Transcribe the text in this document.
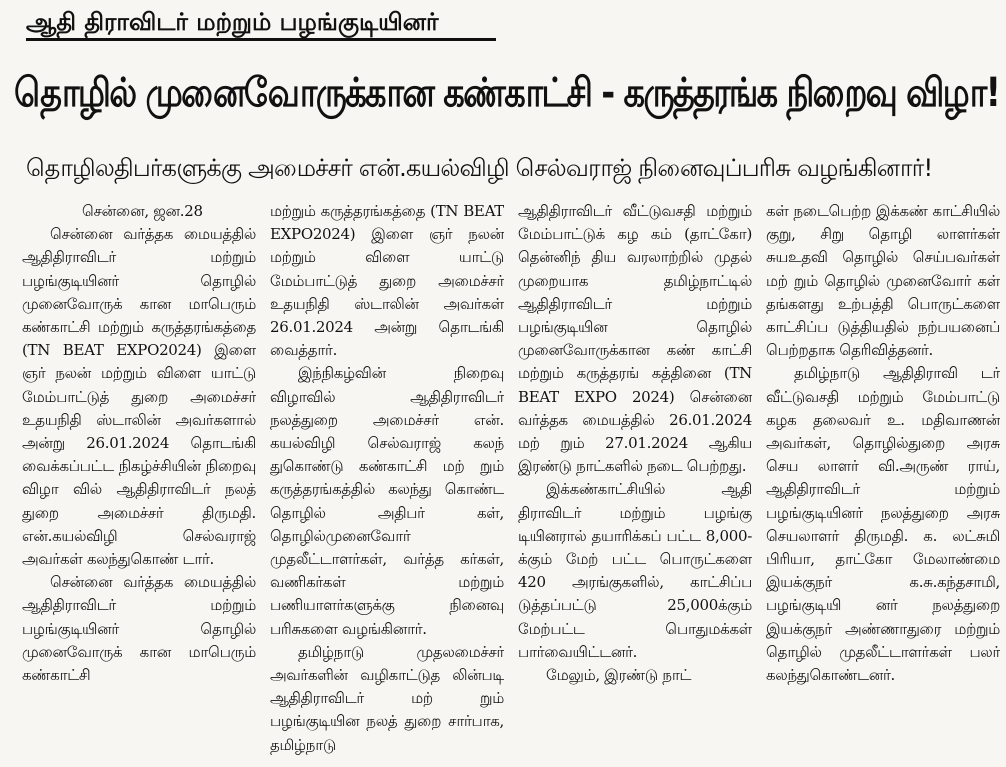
ஆதி திராவிடர் மற்றும் பழங்குடியினர்
தொழில் முனைவோருக்கான கண்காட்சி - கருத்தரங்க நிறைவு விழா!
தொழிலதிபர்களுக்கு அமைச்சர் என்.கயல்விழி செல்வராஜ் நினைவுப்பரிசு வழங்கினார்!

சென்னை, ஜன.28

சென்னை வர்த்தக மையத்தில் ஆதிதிராவிடர் மற்றும் பழங்குடியினர் தொழில் முனைவோருக் கான மாபெரும் கண்காட்சி மற்றும் கருத்தரங்கத்தை (TN BEAT EXPO2024) இளை ஞர் நலன் மற்றும் விளை யாட்டு மேம்பாட்டுத் துறை அமைச்சர் உதயநிதி ஸ்டாலின் அவர்களால் அன்று 26.01.2024 தொடங்கி வைக்கப்பட்ட நிகழ்ச்சியின் நிறைவு விழா வில் ஆதிதிராவிடர் நலத் துறை அமைச்சர் திருமதி. என்.கயல்விழி செல்வராஜ் அவர்கள் கலந்துகொண் டார்.

சென்னை வர்த்தக மையத்தில் ஆதிதிராவிடர் மற்றும் பழங்குடியினர் தொழில் முனைவோருக் கான மாபெரும் கண்காட்சி

மற்றும் கருத்தரங்கத்தை (TN BEAT EXPO2024) இளை ஞர் நலன் மற்றும் விளை யாட்டு மேம்பாட்டுத் துறை அமைச்சர் உதயநிதி ஸ்டாலின் அவர்கள் 26.01.2024 அன்று தொடங்கி வைத்தார்.

இந்நிகழ்வின் நிறைவு விழாவில் ஆதிதிராவிடர் நலத்துறை அமைச்சர் என். கயல்விழி செல்வராஜ் கலந் துகொண்டு கண்காட்சி மற் றும் கருத்தரங்கத்தில் கலந்து கொண்ட தொழில் அதிபர் கள், தொழில்முனைவோர் முதலீட்டாளர்கள், வர்த்த கர்கள், வணிகர்கள் மற்றும் பணியாளர்களுக்கு நினைவு பரிசுகளை வழங்கினார்.

தமிழ்நாடு முதலமைச்சர் அவர்களின் வழிகாட்டுத லின்படி ஆதிதிராவிடர் மற் றும் பழங்குடியின நலத் துறை சார்பாக, தமிழ்நாடு

ஆதிதிராவிடர் வீட்டுவசதி மற்றும் மேம்பாட்டுக் கழ கம் (தாட்கோ) தென்னிந் திய வரலாற்றில் முதல் முறையாக தமிழ்நாட்டில் ஆதிதிராவிடர் மற்றும் பழங்குடியின தொழில் முனைவோருக்கான கண் காட்சி மற்றும் கருத்தரங் கத்தினை (TN BEAT EXPO 2024) சென்னை வர்த்தக மையத்தில் 26.01.2024 மற் றும் 27.01.2024 ஆகிய இரண்டு நாட்களில் நடை பெற்றது.

இக்கண்காட்சியில் ஆதி திராவிடர் மற்றும் பழங்கு டியினரால் தயாரிக்கப் பட்ட 8,000-க்கும் மேற் பட்ட பொருட்களை 420 அரங்குகளில், காட்சிப்ப டுத்தப்பட்டு 25,000க்கும் மேற்பட்ட பொதுமக்கள் பார்வையிட்டனர்.

மேலும், இரண்டு நாட்

கள் நடைபெற்ற இக்கண் காட்சியில் குறு, சிறு தொழி லாளர்கள் சுயஉதவி தொழில் செய்பவர்கள் மற் றும் தொழில் முனைவோர் கள் தங்களது உற்பத்தி பொருட்களை காட்சிப்ப டுத்தியதில் நற்பயனைப் பெற்றதாக தெரிவித்தனர்.

தமிழ்நாடு ஆதிதிராவி டர் வீட்டுவசதி மற்றும் மேம்பாட்டு கழக தலைவர் உ. மதிவாணன் அவர்கள், தொழில்துறை அரசு செய லாளர் வி.அருண் ராய், ஆதிதிராவிடர் மற்றும் பழங்குடியினர் நலத்துறை அரசு செயலாளர் திருமதி. க. லட்சுமி பிரியா, தாட்கோ மேலாண்மை இயக்குநர் க.சு.கந்தசாமி, பழங்குடியி னர் நலத்துறை இயக்குநர் அண்ணாதுரை மற்றும் தொழில் முதலீட்டாளர்கள் பலர் கலந்துகொண்டனர்.
